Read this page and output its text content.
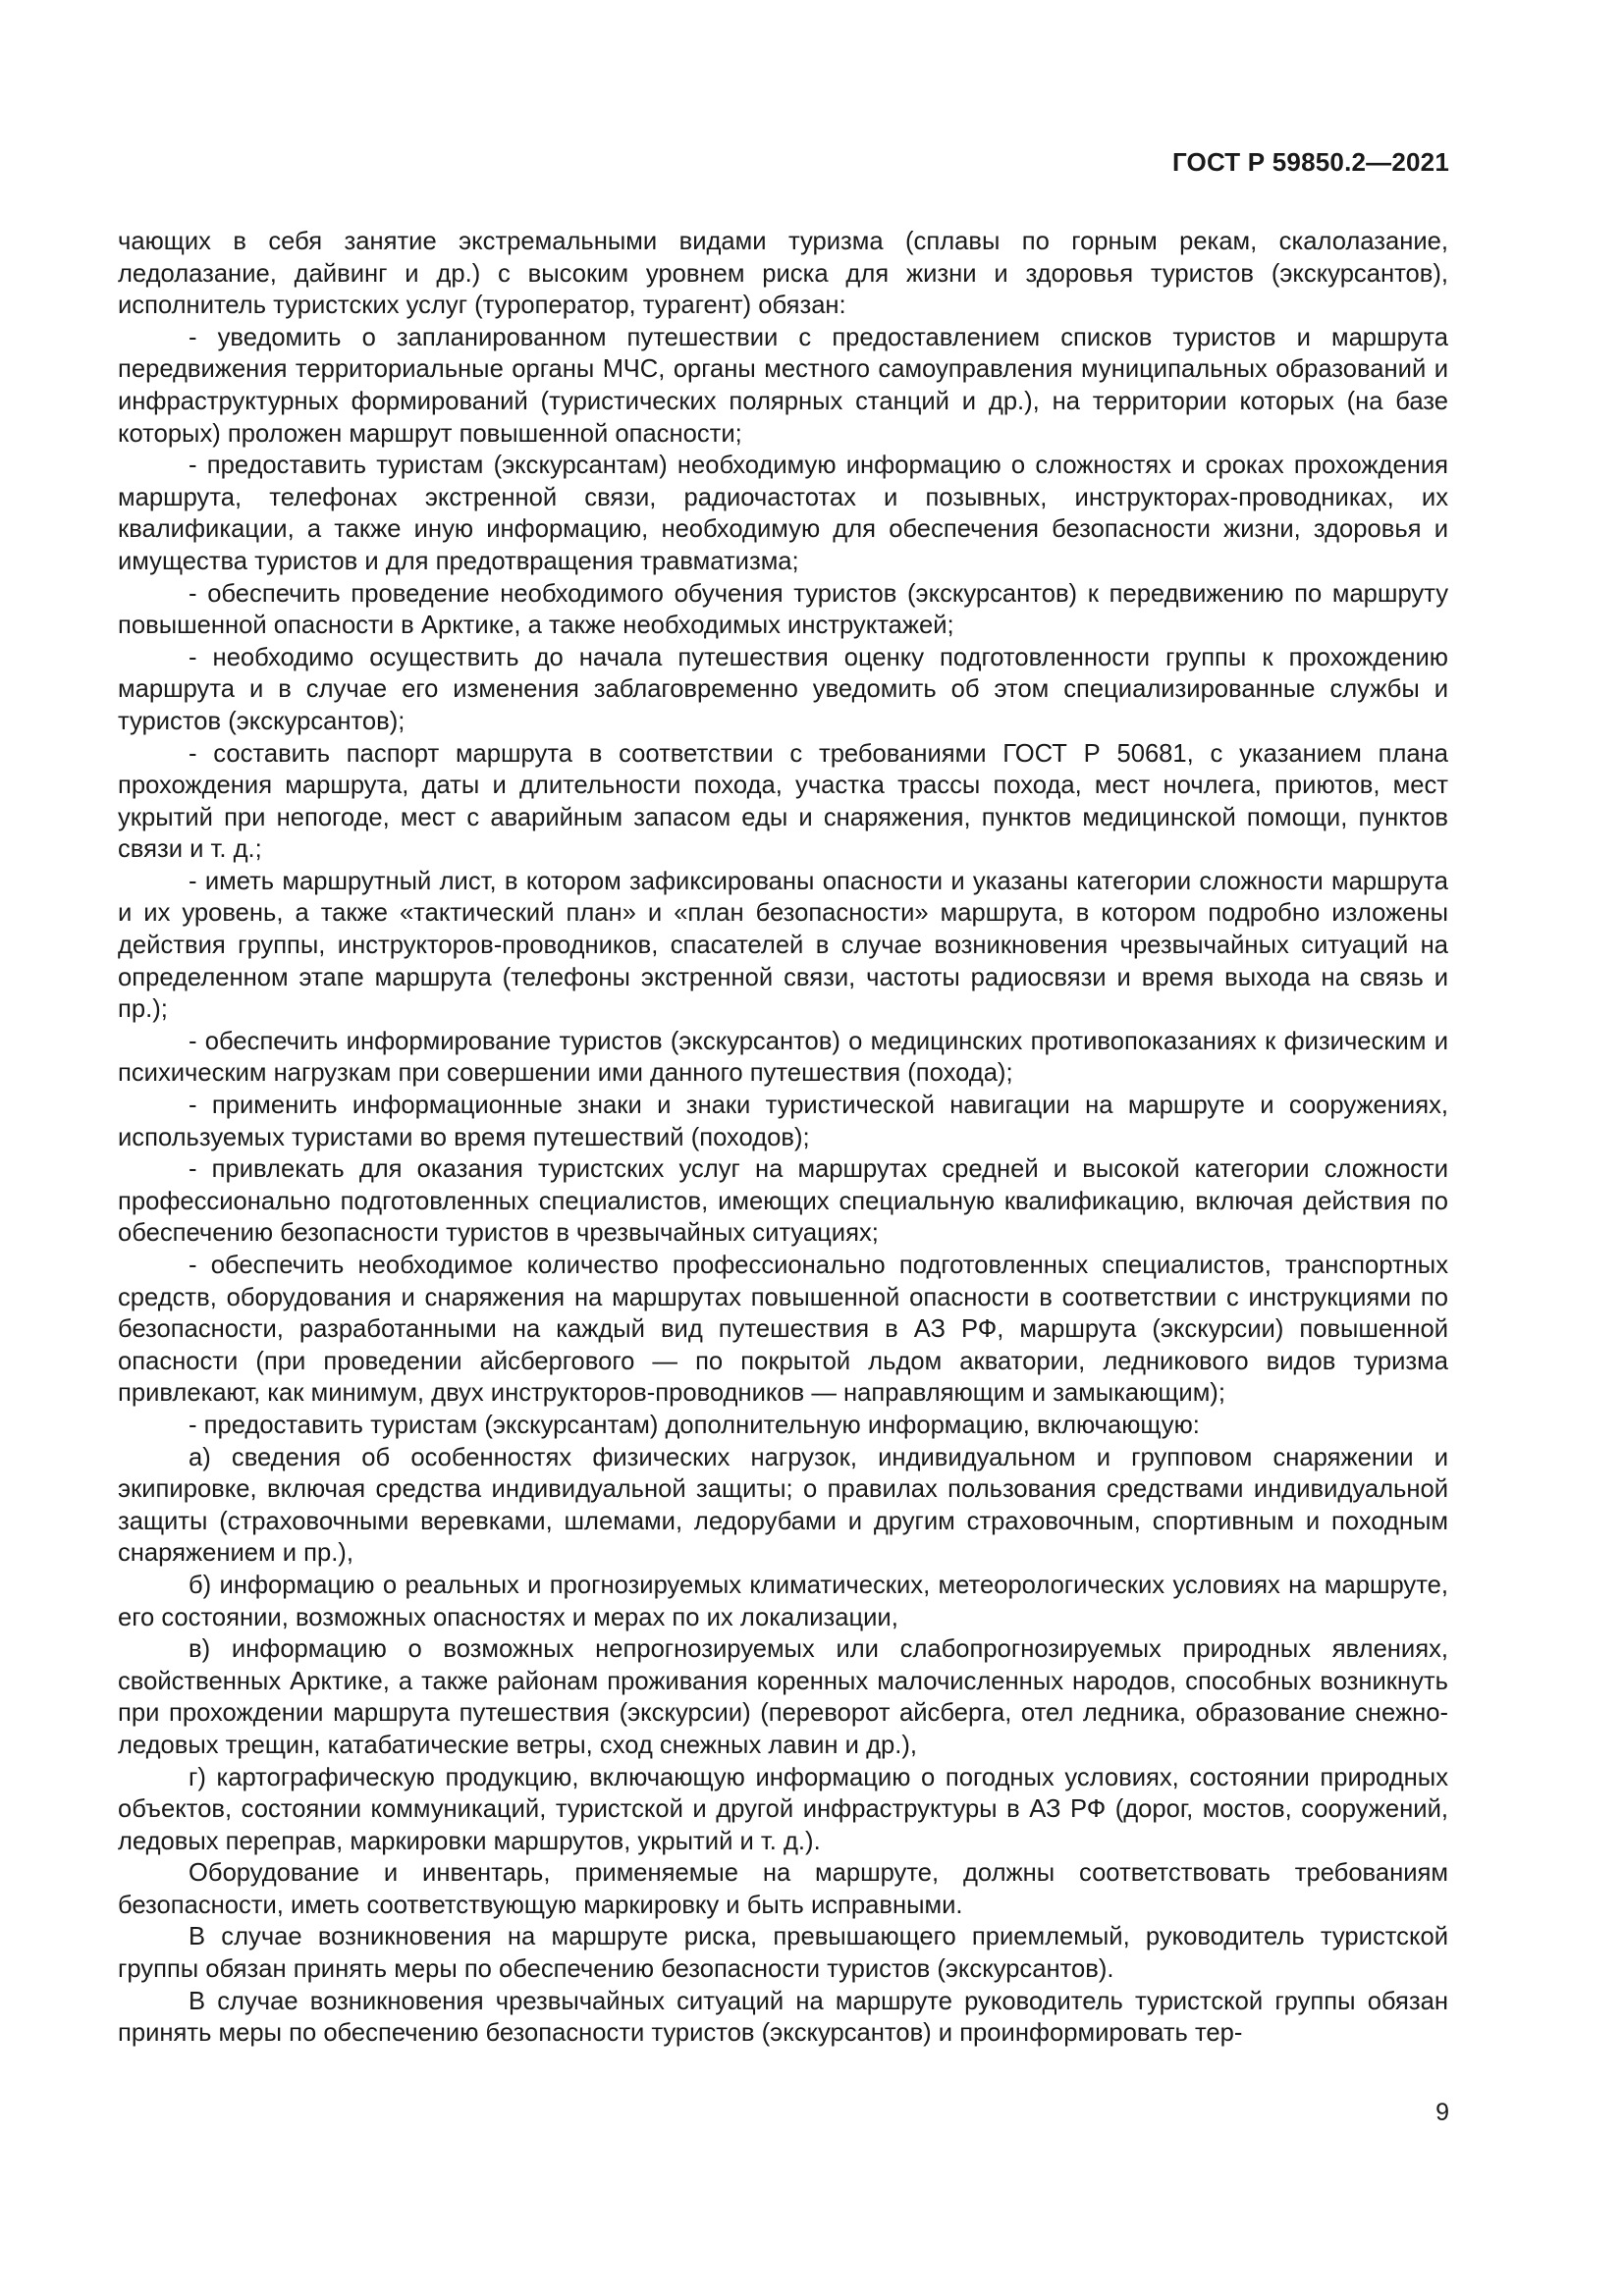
ГОСТ Р 59850.2—2021

чающих в себя занятие экстремальными видами туризма (сплавы по горным рекам, скалолазание, ледолазание, дайвинг и др.) с высоким уровнем риска для жизни и здоровья туристов (экскурсантов), исполнитель туристских услуг (туроператор, турагент) обязан:

- уведомить о запланированном путешествии с предоставлением списков туристов и маршрута передвижения территориальные органы МЧС, органы местного самоуправления муниципальных образований и инфраструктурных формирований (туристических полярных станций и др.), на территории которых (на базе которых) проложен маршрут повышенной опасности;

- предоставить туристам (экскурсантам) необходимую информацию о сложностях и сроках прохождения маршрута, телефонах экстренной связи, радиочастотах и позывных, инструкторах-проводниках, их квалификации, а также иную информацию, необходимую для обеспечения безопасности жизни, здоровья и имущества туристов и для предотвращения травматизма;

- обеспечить проведение необходимого обучения туристов (экскурсантов) к передвижению по маршруту повышенной опасности в Арктике, а также необходимых инструктажей;

- необходимо осуществить до начала путешествия оценку подготовленности группы к прохождению маршрута и в случае его изменения заблаговременно уведомить об этом специализированные службы и туристов (экскурсантов);

- составить паспорт маршрута в соответствии с требованиями ГОСТ Р 50681, с указанием плана прохождения маршрута, даты и длительности похода, участка трассы похода, мест ночлега, приютов, мест укрытий при непогоде, мест с аварийным запасом еды и снаряжения, пунктов медицинской помощи, пунктов связи и т. д.;

- иметь маршрутный лист, в котором зафиксированы опасности и указаны категории сложности маршрута и их уровень, а также «тактический план» и «план безопасности» маршрута, в котором подробно изложены действия группы, инструкторов-проводников, спасателей в случае возникновения чрезвычайных ситуаций на определенном этапе маршрута (телефоны экстренной связи, частоты радиосвязи и время выхода на связь и пр.);

- обеспечить информирование туристов (экскурсантов) о медицинских противопоказаниях к физическим и психическим нагрузкам при совершении ими данного путешествия (похода);

- применить информационные знаки и знаки туристической навигации на маршруте и сооружениях, используемых туристами во время путешествий (походов);

- привлекать для оказания туристских услуг на маршрутах средней и высокой категории сложности профессионально подготовленных специалистов, имеющих специальную квалификацию, включая действия по обеспечению безопасности туристов в чрезвычайных ситуациях;

- обеспечить необходимое количество профессионально подготовленных специалистов, транспортных средств, оборудования и снаряжения на маршрутах повышенной опасности в соответствии с инструкциями по безопасности, разработанными на каждый вид путешествия в АЗ РФ, маршрута (экскурсии) повышенной опасности (при проведении айсбергового — по покрытой льдом акватории, ледникового видов туризма привлекают, как минимум, двух инструкторов-проводников — направляющим и замыкающим);

- предоставить туристам (экскурсантам) дополнительную информацию, включающую:

а) сведения об особенностях физических нагрузок, индивидуальном и групповом снаряжении и экипировке, включая средства индивидуальной защиты; о правилах пользования средствами индивидуальной защиты (страховочными веревками, шлемами, ледорубами и другим страховочным, спортивным и походным снаряжением и пр.),

б) информацию о реальных и прогнозируемых климатических, метеорологических условиях на маршруте, его состоянии, возможных опасностях и мерах по их локализации,

в) информацию о возможных непрогнозируемых или слабопрогнозируемых природных явлениях, свойственных Арктике, а также районам проживания коренных малочисленных народов, способных возникнуть при прохождении маршрута путешествия (экскурсии) (переворот айсберга, отел ледника, образование снежно-ледовых трещин, катабатические ветры, сход снежных лавин и др.),

г) картографическую продукцию, включающую информацию о погодных условиях, состоянии природных объектов, состоянии коммуникаций, туристской и другой инфраструктуры в АЗ РФ (дорог, мостов, сооружений, ледовых переправ, маркировки маршрутов, укрытий и т. д.).

Оборудование и инвентарь, применяемые на маршруте, должны соответствовать требованиям безопасности, иметь соответствующую маркировку и быть исправными.

В случае возникновения на маршруте риска, превышающего приемлемый, руководитель туристской группы обязан принять меры по обеспечению безопасности туристов (экскурсантов).

В случае возникновения чрезвычайных ситуаций на маршруте руководитель туристской группы обязан принять меры по обеспечению безопасности туристов (экскурсантов) и проинформировать тер-

9
